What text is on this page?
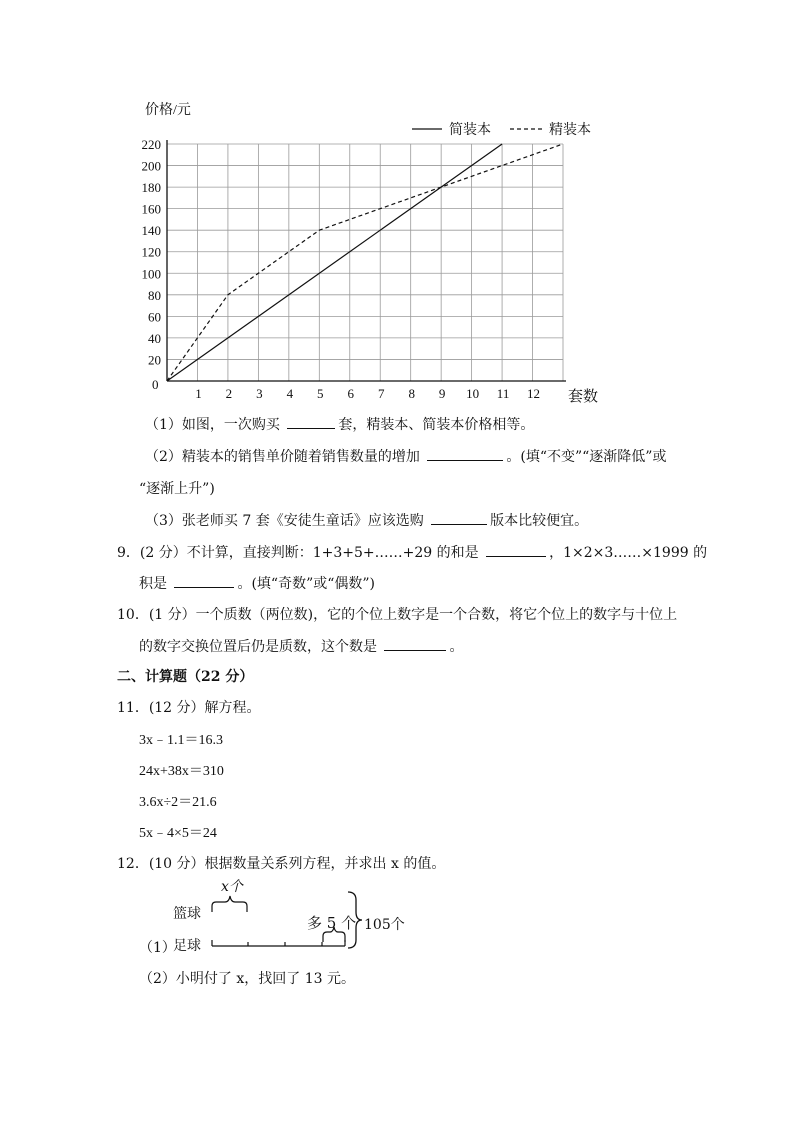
20
40
60
80
100
120
140
160
180
200
220
1 2 3 4 5 6 7 8 9 10 11 12
价格/元
套数
0
简装本	精装本
（1）如图，一次购买	套，精装本、简装本价格相等。
（2）精装本的销售单价随着销售数量的增加	。(填“不变”“逐渐降低”或
“逐渐上升”)
（3）张老师买 7 套《安徒生童话》应该选购	版本比较便宜。
9．(2 分）不计算，直接判断：1+3+5+……+29 的和是	，1×2×3……×1999 的
积是	。(填“奇数”或“偶数”)
10．(1 分）一个质数（两位数)，它的个位上数字是一个合数，将它个位上的数字与十位上
的数字交换位置后仍是质数，这个数是	。
二、计算题（22 分）
11．(12 分）解方程。
3x﹣1.1＝16.3
24x+38x＝310
3.6x÷2＝21.6
5x﹣4×5＝24
12．(10 分）根据数量关系列方程，并求出 x 的值。
x个
篮球	多 5 个 105个
（1）
足球
（2）小明付了 x，找回了 13 元。
